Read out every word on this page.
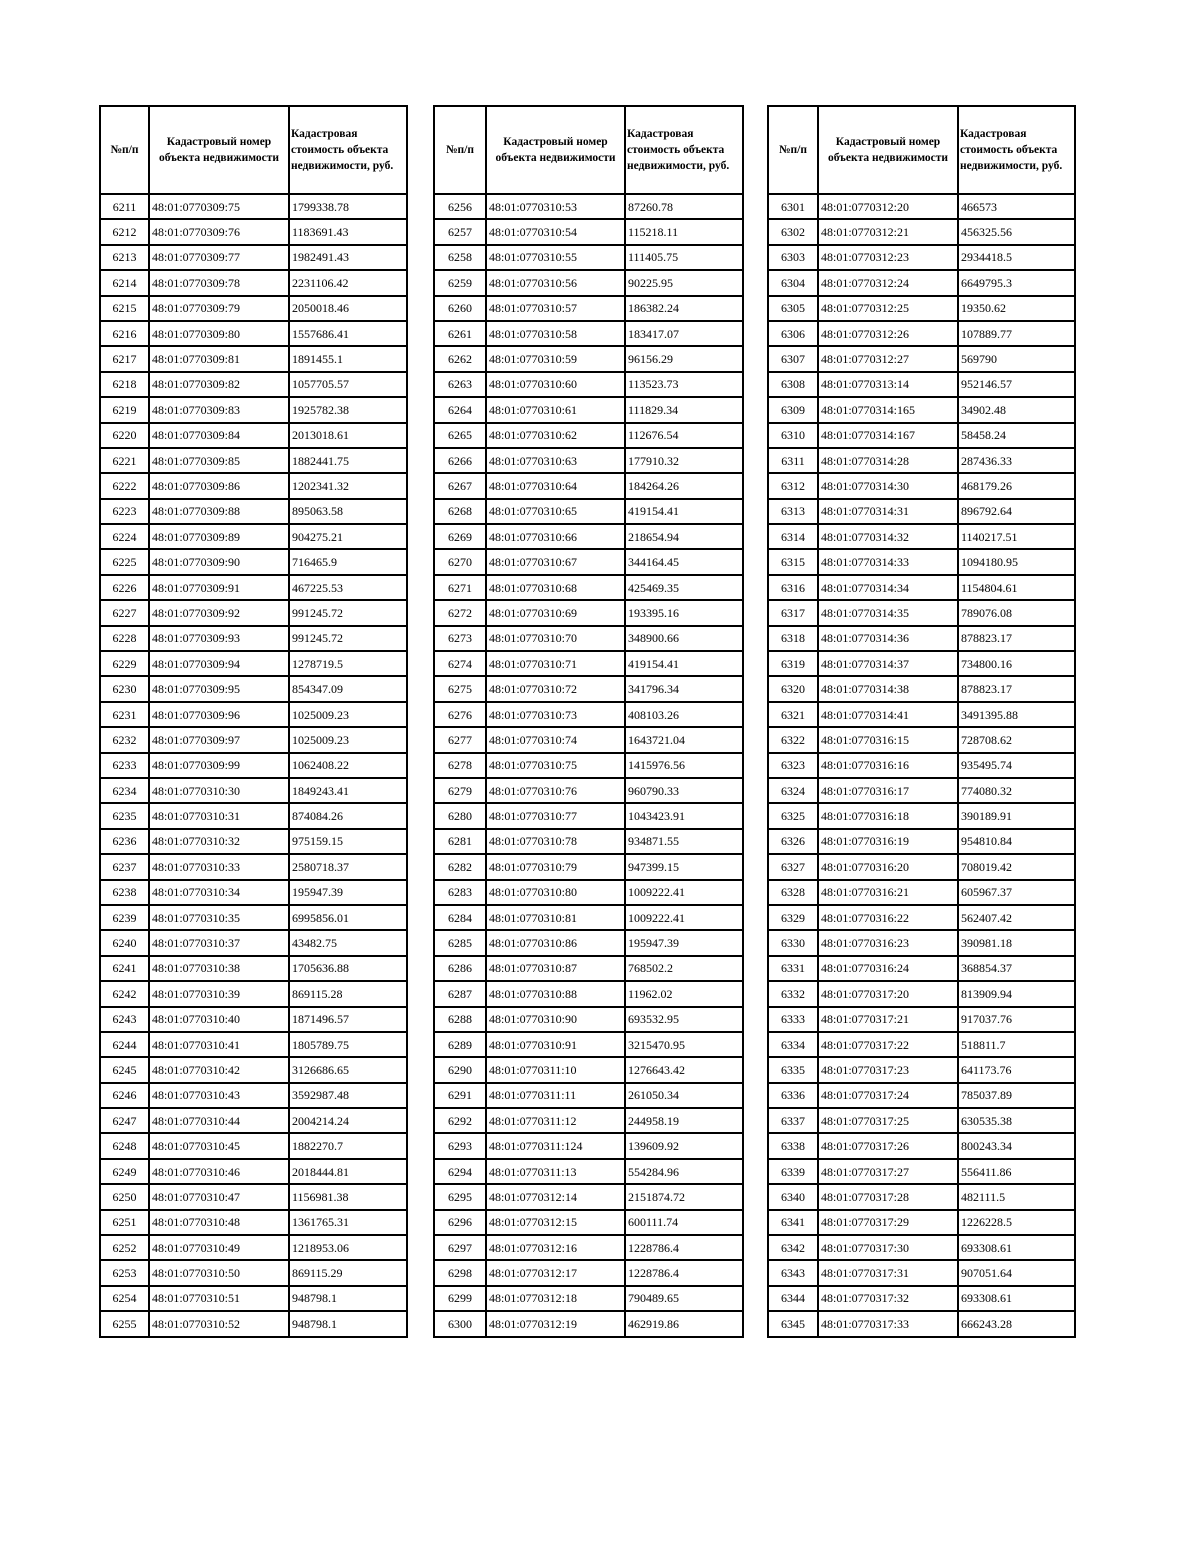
№п/п	Кадастровый номер объекта недвижимости	Кадастровая стоимость объекта недвижимости, руб.
6211	48:01:0770309:75	1799338.78
6212	48:01:0770309:76	1183691.43
6213	48:01:0770309:77	1982491.43
6214	48:01:0770309:78	2231106.42
6215	48:01:0770309:79	2050018.46
6216	48:01:0770309:80	1557686.41
6217	48:01:0770309:81	1891455.1
6218	48:01:0770309:82	1057705.57
6219	48:01:0770309:83	1925782.38
6220	48:01:0770309:84	2013018.61
6221	48:01:0770309:85	1882441.75
6222	48:01:0770309:86	1202341.32
6223	48:01:0770309:88	895063.58
6224	48:01:0770309:89	904275.21
6225	48:01:0770309:90	716465.9
6226	48:01:0770309:91	467225.53
6227	48:01:0770309:92	991245.72
6228	48:01:0770309:93	991245.72
6229	48:01:0770309:94	1278719.5
6230	48:01:0770309:95	854347.09
6231	48:01:0770309:96	1025009.23
6232	48:01:0770309:97	1025009.23
6233	48:01:0770309:99	1062408.22
6234	48:01:0770310:30	1849243.41
6235	48:01:0770310:31	874084.26
6236	48:01:0770310:32	975159.15
6237	48:01:0770310:33	2580718.37
6238	48:01:0770310:34	195947.39
6239	48:01:0770310:35	6995856.01
6240	48:01:0770310:37	43482.75
6241	48:01:0770310:38	1705636.88
6242	48:01:0770310:39	869115.28
6243	48:01:0770310:40	1871496.57
6244	48:01:0770310:41	1805789.75
6245	48:01:0770310:42	3126686.65
6246	48:01:0770310:43	3592987.48
6247	48:01:0770310:44	2004214.24
6248	48:01:0770310:45	1882270.7
6249	48:01:0770310:46	2018444.81
6250	48:01:0770310:47	1156981.38
6251	48:01:0770310:48	1361765.31
6252	48:01:0770310:49	1218953.06
6253	48:01:0770310:50	869115.29
6254	48:01:0770310:51	948798.1
6255	48:01:0770310:52	948798.1
№п/п	Кадастровый номер объекта недвижимости	Кадастровая стоимость объекта недвижимости, руб.
6256	48:01:0770310:53	87260.78
6257	48:01:0770310:54	115218.11
6258	48:01:0770310:55	111405.75
6259	48:01:0770310:56	90225.95
6260	48:01:0770310:57	186382.24
6261	48:01:0770310:58	183417.07
6262	48:01:0770310:59	96156.29
6263	48:01:0770310:60	113523.73
6264	48:01:0770310:61	111829.34
6265	48:01:0770310:62	112676.54
6266	48:01:0770310:63	177910.32
6267	48:01:0770310:64	184264.26
6268	48:01:0770310:65	419154.41
6269	48:01:0770310:66	218654.94
6270	48:01:0770310:67	344164.45
6271	48:01:0770310:68	425469.35
6272	48:01:0770310:69	193395.16
6273	48:01:0770310:70	348900.66
6274	48:01:0770310:71	419154.41
6275	48:01:0770310:72	341796.34
6276	48:01:0770310:73	408103.26
6277	48:01:0770310:74	1643721.04
6278	48:01:0770310:75	1415976.56
6279	48:01:0770310:76	960790.33
6280	48:01:0770310:77	1043423.91
6281	48:01:0770310:78	934871.55
6282	48:01:0770310:79	947399.15
6283	48:01:0770310:80	1009222.41
6284	48:01:0770310:81	1009222.41
6285	48:01:0770310:86	195947.39
6286	48:01:0770310:87	768502.2
6287	48:01:0770310:88	11962.02
6288	48:01:0770310:90	693532.95
6289	48:01:0770310:91	3215470.95
6290	48:01:0770311:10	1276643.42
6291	48:01:0770311:11	261050.34
6292	48:01:0770311:12	244958.19
6293	48:01:0770311:124	139609.92
6294	48:01:0770311:13	554284.96
6295	48:01:0770312:14	2151874.72
6296	48:01:0770312:15	600111.74
6297	48:01:0770312:16	1228786.4
6298	48:01:0770312:17	1228786.4
6299	48:01:0770312:18	790489.65
6300	48:01:0770312:19	462919.86
№п/п	Кадастровый номер объекта недвижимости	Кадастровая стоимость объекта недвижимости, руб.
6301	48:01:0770312:20	466573
6302	48:01:0770312:21	456325.56
6303	48:01:0770312:23	2934418.5
6304	48:01:0770312:24	6649795.3
6305	48:01:0770312:25	19350.62
6306	48:01:0770312:26	107889.77
6307	48:01:0770312:27	569790
6308	48:01:0770313:14	952146.57
6309	48:01:0770314:165	34902.48
6310	48:01:0770314:167	58458.24
6311	48:01:0770314:28	287436.33
6312	48:01:0770314:30	468179.26
6313	48:01:0770314:31	896792.64
6314	48:01:0770314:32	1140217.51
6315	48:01:0770314:33	1094180.95
6316	48:01:0770314:34	1154804.61
6317	48:01:0770314:35	789076.08
6318	48:01:0770314:36	878823.17
6319	48:01:0770314:37	734800.16
6320	48:01:0770314:38	878823.17
6321	48:01:0770314:41	3491395.88
6322	48:01:0770316:15	728708.62
6323	48:01:0770316:16	935495.74
6324	48:01:0770316:17	774080.32
6325	48:01:0770316:18	390189.91
6326	48:01:0770316:19	954810.84
6327	48:01:0770316:20	708019.42
6328	48:01:0770316:21	605967.37
6329	48:01:0770316:22	562407.42
6330	48:01:0770316:23	390981.18
6331	48:01:0770316:24	368854.37
6332	48:01:0770317:20	813909.94
6333	48:01:0770317:21	917037.76
6334	48:01:0770317:22	518811.7
6335	48:01:0770317:23	641173.76
6336	48:01:0770317:24	785037.89
6337	48:01:0770317:25	630535.38
6338	48:01:0770317:26	800243.34
6339	48:01:0770317:27	556411.86
6340	48:01:0770317:28	482111.5
6341	48:01:0770317:29	1226228.5
6342	48:01:0770317:30	693308.61
6343	48:01:0770317:31	907051.64
6344	48:01:0770317:32	693308.61
6345	48:01:0770317:33	666243.28
